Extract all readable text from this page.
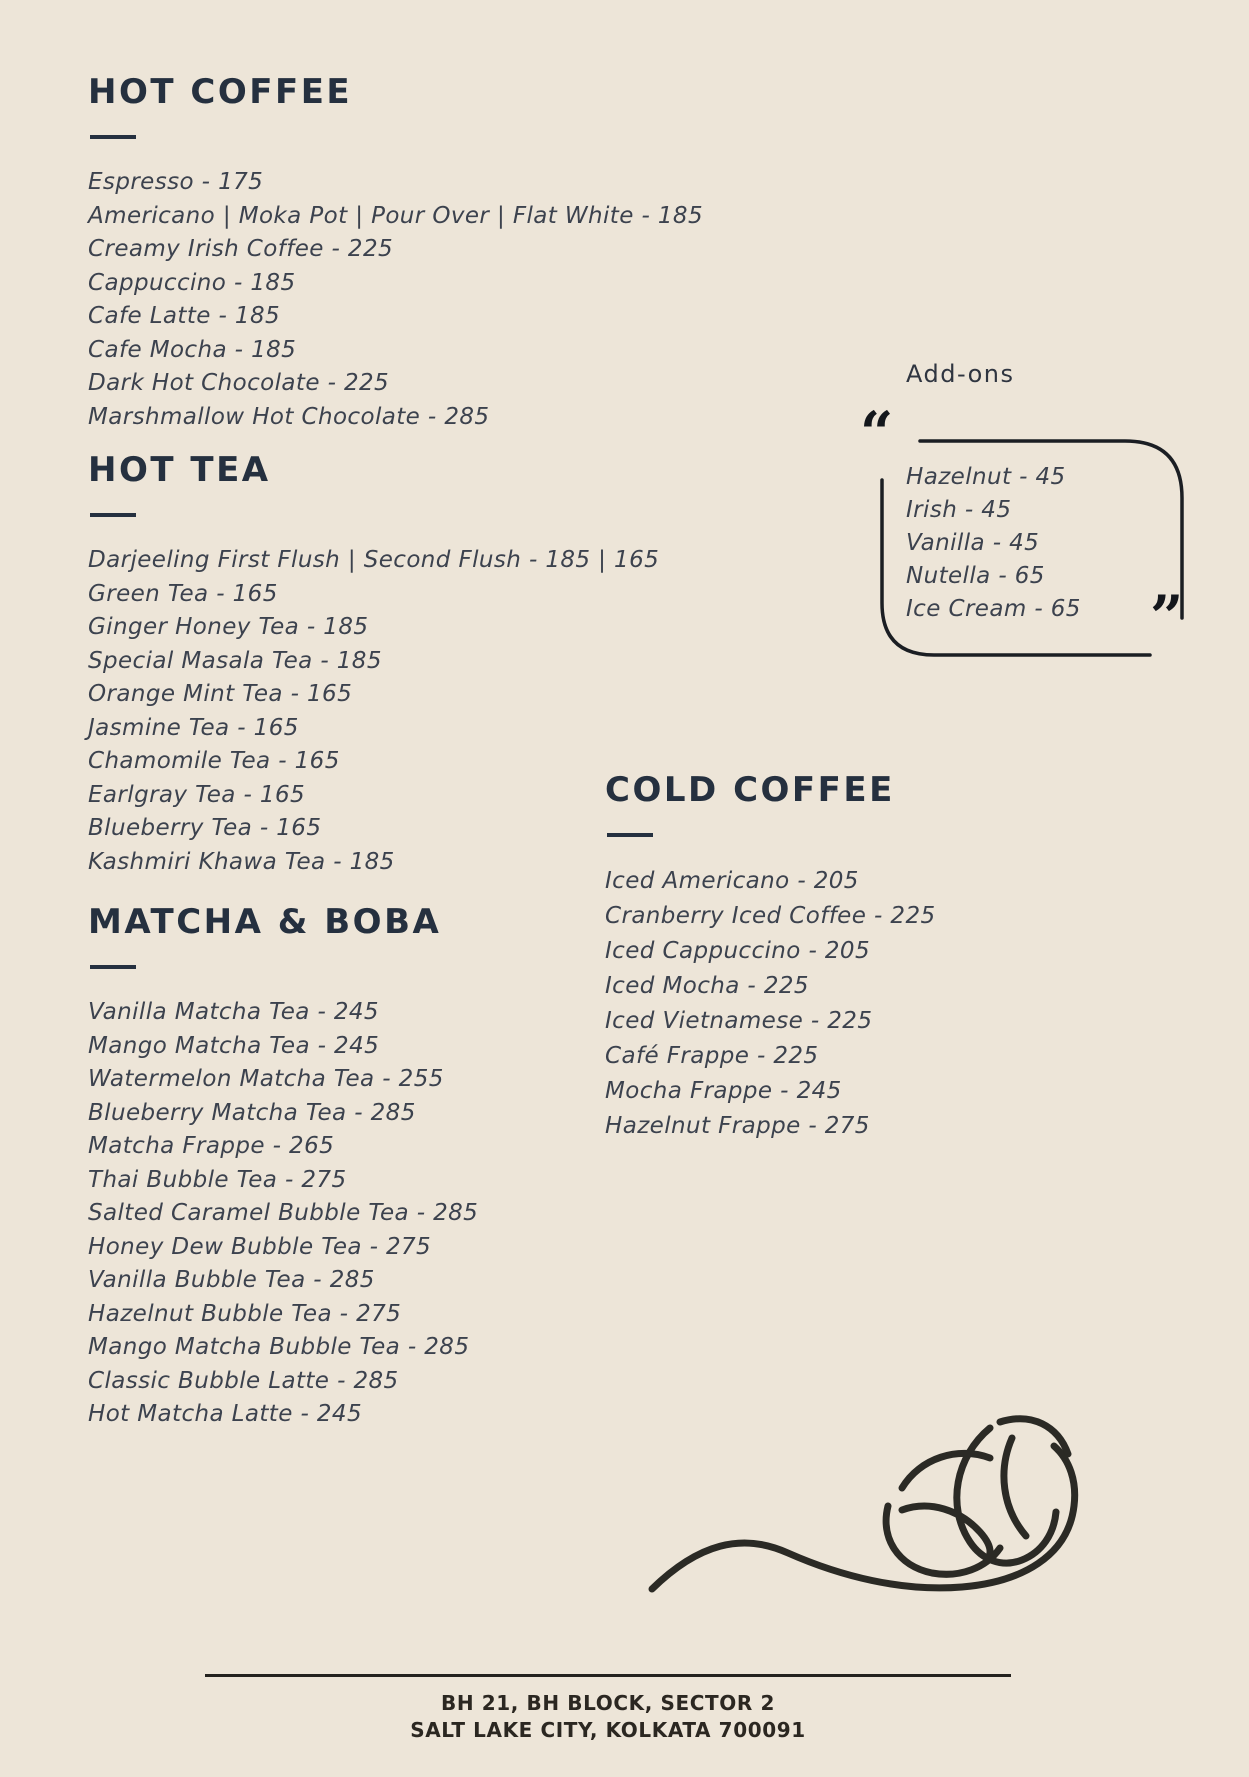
HOT COFFEE
Espresso - 175
Americano | Moka Pot | Pour Over | Flat White - 185
Creamy Irish Coffee - 225
Cappuccino - 185
Cafe Latte - 185
Cafe Mocha - 185
Dark Hot Chocolate - 225
Marshmallow Hot Chocolate - 285
HOT TEA
Darjeeling First Flush | Second Flush - 185 | 165
Green Tea - 165
Ginger Honey Tea - 185
Special Masala Tea - 185
Orange Mint Tea - 165
Jasmine Tea - 165
Chamomile Tea - 165
Earlgray Tea - 165
Blueberry Tea - 165
Kashmiri Khawa Tea - 185
MATCHA & BOBA
Vanilla Matcha Tea - 245
Mango Matcha Tea - 245
Watermelon Matcha Tea - 255
Blueberry Matcha Tea - 285
Matcha Frappe - 265
Thai Bubble Tea - 275
Salted Caramel Bubble Tea - 285
Honey Dew Bubble Tea - 275
Vanilla Bubble Tea - 285
Hazelnut Bubble Tea - 275
Mango Matcha Bubble Tea - 285
Classic Bubble Latte - 285
Hot Matcha Latte - 245
COLD COFFEE
Iced Americano - 205
Cranberry Iced Coffee - 225
Iced Cappuccino - 205
Iced Mocha - 225
Iced Vietnamese - 225
Café Frappe - 225
Mocha Frappe - 245
Hazelnut Frappe - 275
Add-ons
“
”
Hazelnut - 45
Irish - 45
Vanilla - 45
Nutella - 65
Ice Cream - 65
BH 21, BH BLOCK, SECTOR 2
SALT LAKE CITY, KOLKATA 700091
